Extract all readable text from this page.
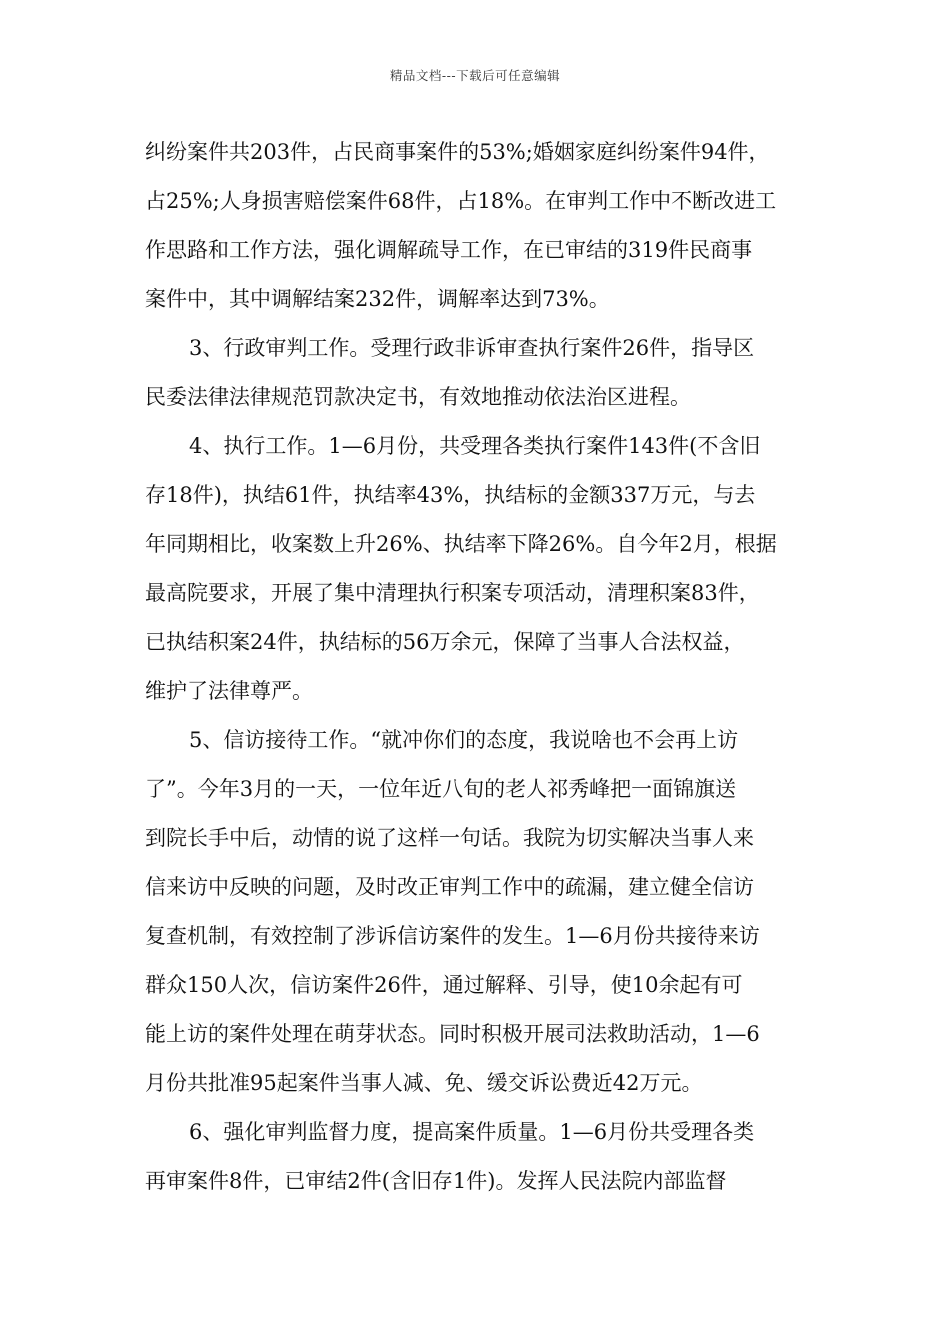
精品文档---下载后可任意编辑
纠纷案件共203件，占民商事案件的53%;婚姻家庭纠纷案件94件，
占25%;人身损害赔偿案件68件，占18%。在审判工作中不断改进工
作思路和工作方法，强化调解疏导工作，在已审结的319件民商事
案件中，其中调解结案232件，调解率达到73%。
3、行政审判工作。受理行政非诉审查执行案件26件，指导区
民委法律法律规范罚款决定书，有效地推动依法治区进程。
4、执行工作。1—6月份，共受理各类执行案件143件(不含旧
存18件)，执结61件，执结率43%，执结标的金额337万元，与去
年同期相比，收案数上升26%、执结率下降26%。自今年2月，根据
最高院要求，开展了集中清理执行积案专项活动，清理积案83件，
已执结积案24件，执结标的56万余元，保障了当事人合法权益，
维护了法律尊严。
5、信访接待工作。“就冲你们的态度，我说啥也不会再上访
了”。今年3月的一天，一位年近八旬的老人祁秀峰把一面锦旗送
到院长手中后，动情的说了这样一句话。我院为切实解决当事人来
信来访中反映的问题，及时改正审判工作中的疏漏，建立健全信访
复查机制，有效控制了涉诉信访案件的发生。1—6月份共接待来访
群众150人次，信访案件26件，通过解释、引导，使10余起有可
能上访的案件处理在萌芽状态。同时积极开展司法救助活动，1—6
月份共批准95起案件当事人减、免、缓交诉讼费近42万元。
6、强化审判监督力度，提高案件质量。1—6月份共受理各类
再审案件8件，已审结2件(含旧存1件)。发挥人民法院内部监督
